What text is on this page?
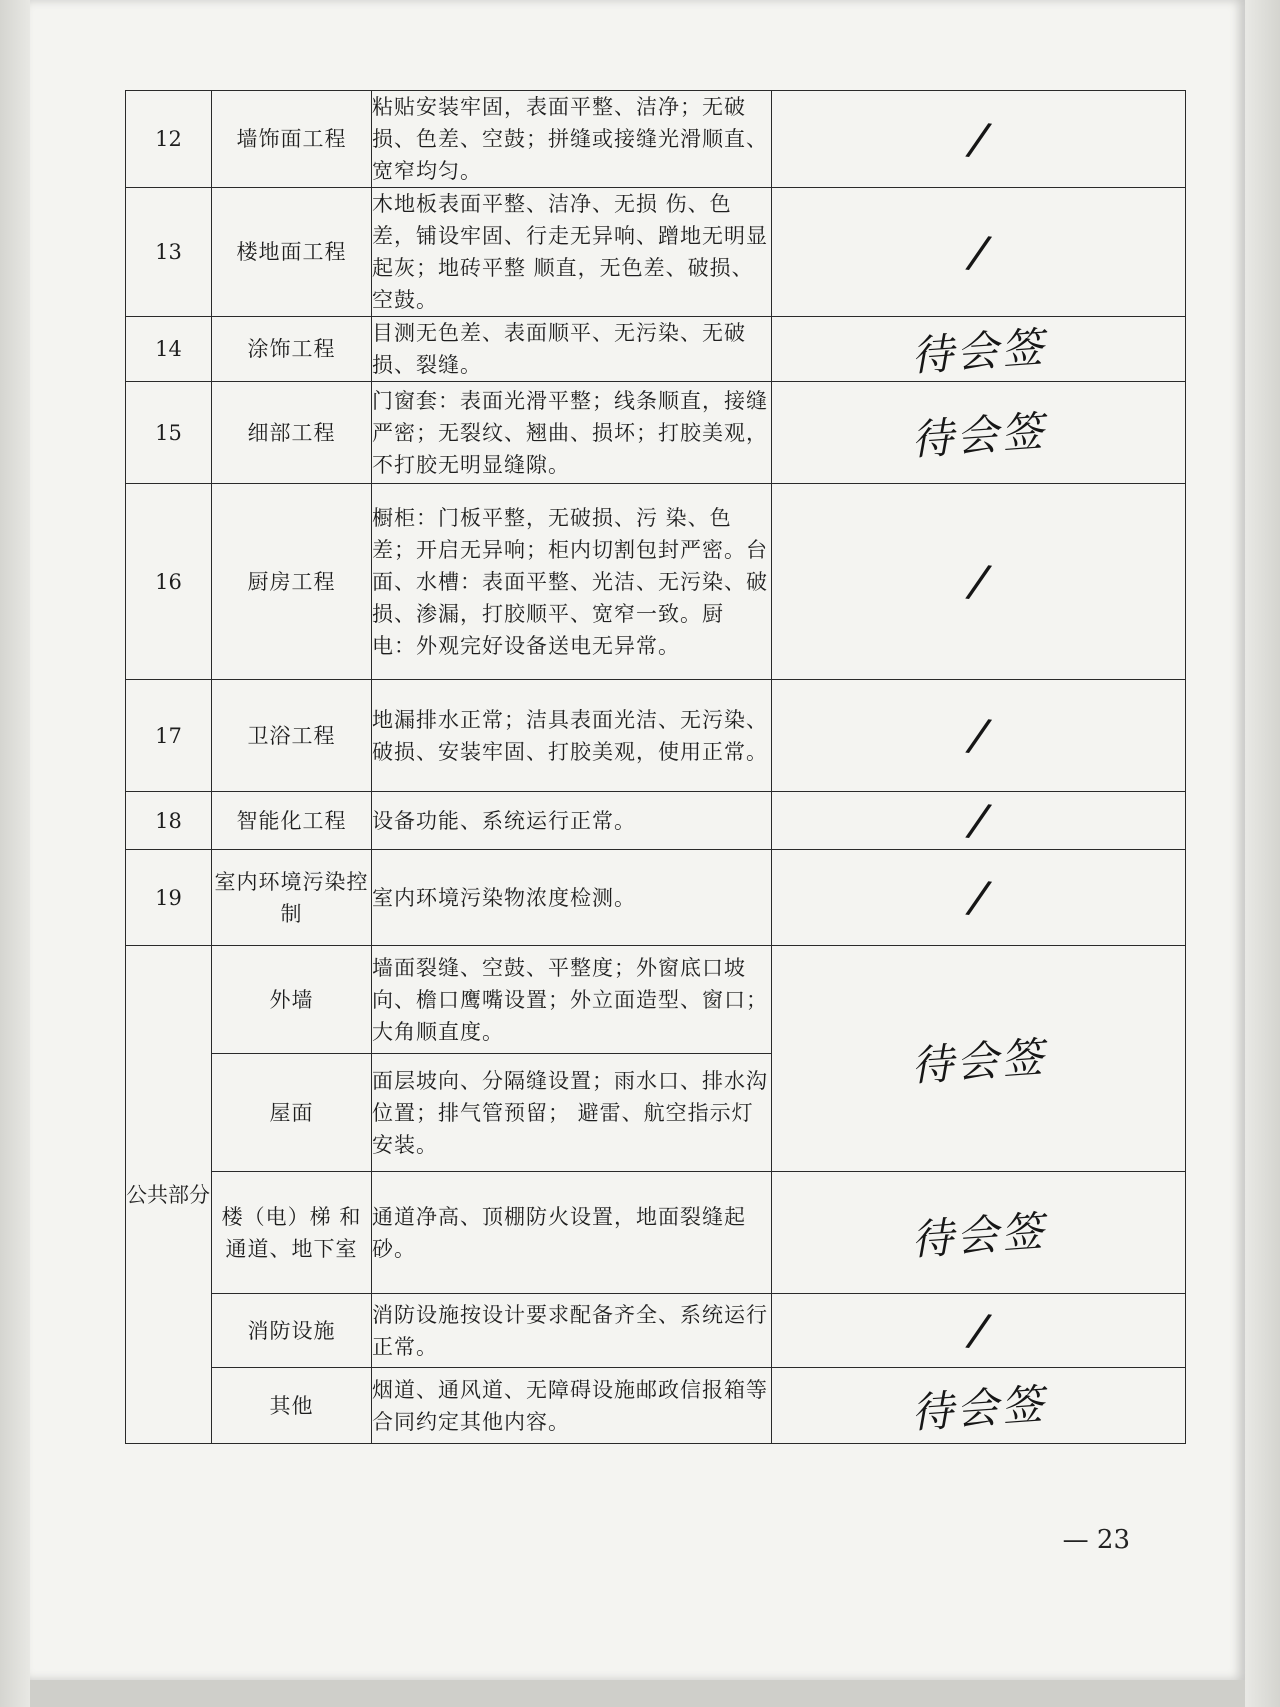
12	墙饰面工程	粘贴安装牢固，表面平整、洁净；无破损、色差、空鼓；拼缝或接缝光滑顺直、宽窄均匀。	/
13	楼地面工程	木地板表面平整、洁净、无损 伤、色差，铺设牢固、行走无异响、蹭地无明显起灰；地砖平整 顺直，无色差、破损、空鼓。	/
14	涂饰工程	目测无色差、表面顺平、无污染、无破损、裂缝。	待会签
15	细部工程	门窗套：表面光滑平整；线条顺直，接缝严密；无裂纹、翘曲、损坏；打胶美观，不打胶无明显缝隙。	待会签
16	厨房工程	橱柜：门板平整，无破损、污 染、色差；开启无异响；柜内切割包封严密。台面、水槽：表面平整、光洁、无污染、破损、渗漏，打胶顺平、宽窄一致。厨 电：外观完好设备送电无异常。	/
17	卫浴工程	地漏排水正常；洁具表面光洁、无污染、破损、安装牢固、打胶美观，使用正常。	/
18	智能化工程	设备功能、系统运行正常。	/
19	室内环境污染控制	室内环境污染物浓度检测。	/
公共部分	外墙	墙面裂缝、空鼓、平整度；外窗底口坡向、檐口鹰嘴设置；外立面造型、窗口；大角顺直度。	待会签
	屋面	面层坡向、分隔缝设置；雨水口、排水沟位置；排气管预留； 避雷、航空指示灯安装。	
	楼（电）梯 和通道、地下室	通道净高、顶棚防火设置，地面裂缝起砂。	待会签
	消防设施	消防设施按设计要求配备齐全、系统运行正常。	/
	其他	烟道、通风道、无障碍设施邮政信报箱等合同约定其他内容。	待会签
— 23
